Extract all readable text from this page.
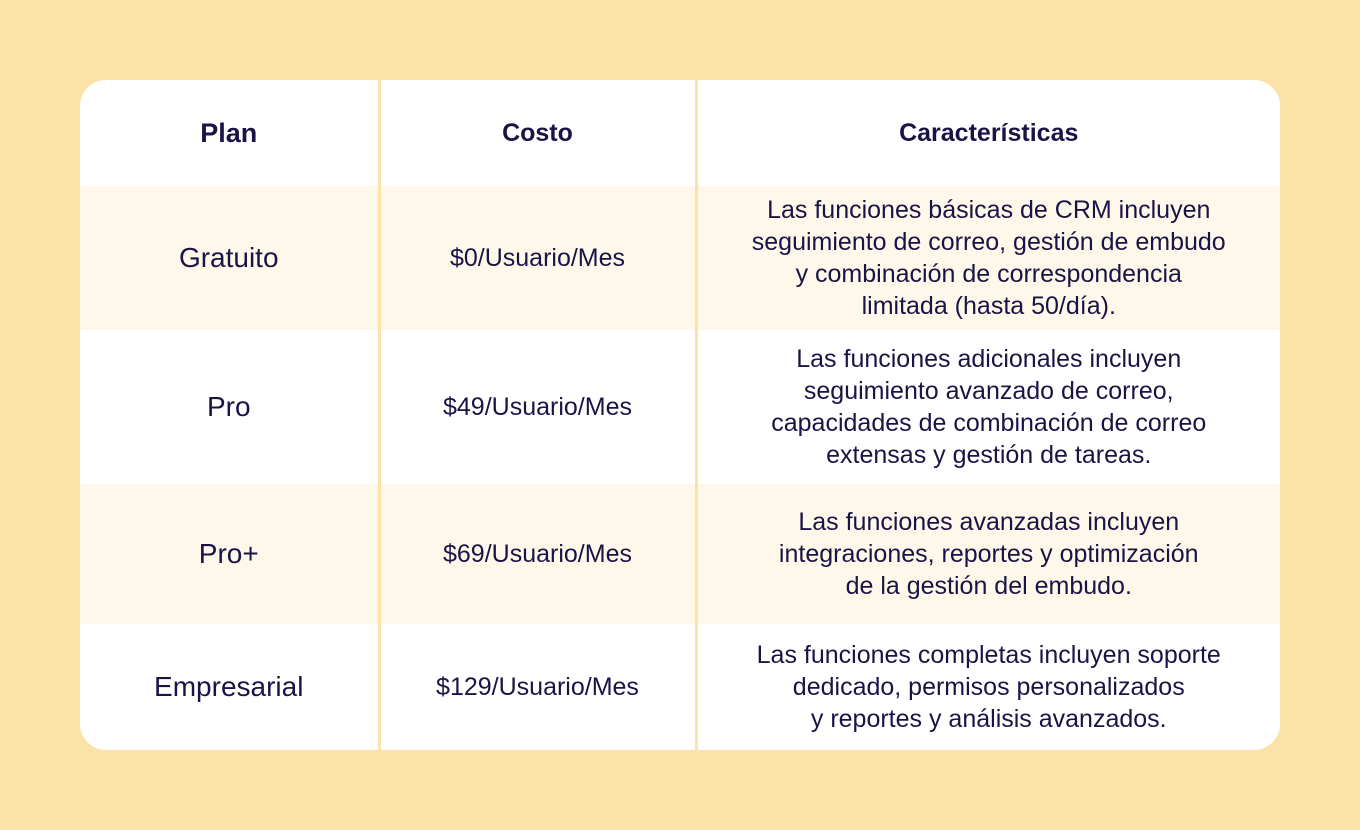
Plan	Costo	Características
Gratuito	$0/Usuario/Mes	Las funciones básicas de CRM incluyen
seguimiento de correo, gestión de embudo
y combinación de correspondencia
limitada (hasta 50/día).

Pro	$49/Usuario/Mes	Las funciones adicionales incluyen
seguimiento avanzado de correo,
capacidades de combinación de correo
extensas y gestión de tareas.

Pro+	$69/Usuario/Mes	Las funciones avanzadas incluyen
integraciones, reportes y optimización
de la gestión del embudo.

Empresarial	$129/Usuario/Mes	Las funciones completas incluyen soporte
dedicado, permisos personalizados
y reportes y análisis avanzados.
